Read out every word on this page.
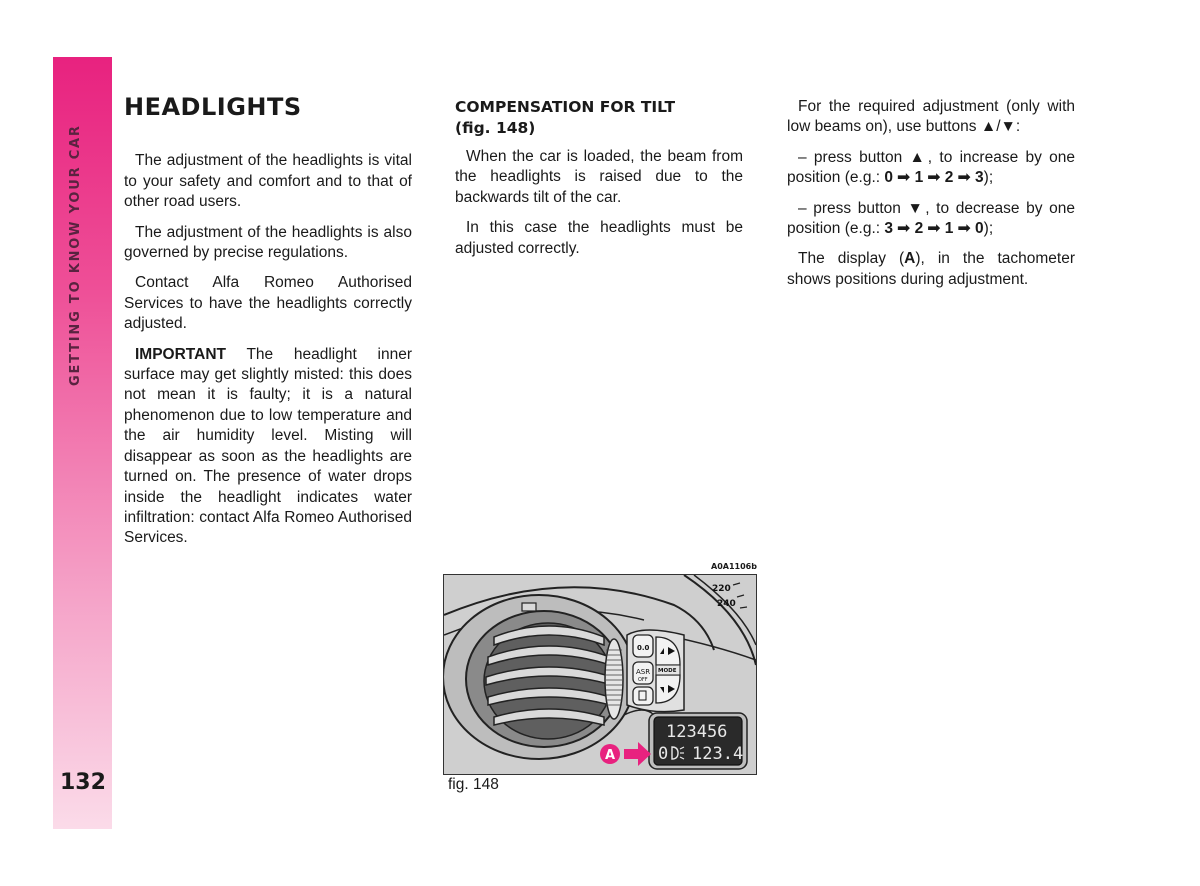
GETTING TO KNOW YOUR CAR
132
HEADLIGHTS

The adjustment of the headlights is vital to your safety and comfort and to that of other road users.

The adjustment of the headlights is also governed by precise regulations.

Contact Alfa Romeo Authorised Services to have the headlights correctly adjusted.

IMPORTANT The headlight inner surface may get slightly misted: this does not mean it is faulty; it is a natural phenomenon due to low temperature and the air humidity level. Misting will disappear as soon as the headlights are turned on. The presence of water drops inside the headlight indicates water infiltration: contact Alfa Romeo Authorised Services.

COMPENSATION FOR TILT
(fig. 148)

When the car is loaded, the beam from the headlights is raised due to the backwards tilt of the car.

In this case the headlights must be adjusted correctly.

For the required adjustment (only with low beams on), use buttons ▲/▼:

– press button ▲, to increase by one position (e.g.: 0 ➟ 1 ➟ 2 ➟ 3);

– press button ▼, to decrease by one position (e.g.: 3 ➟ 2 ➟ 1 ➟ 0);

The display (A), in the tachometer shows positions during adjustment.

A0A1106b
220
240
0.0
ASR
OFF
MODE
123456
0 123.4
A
fig. 148
